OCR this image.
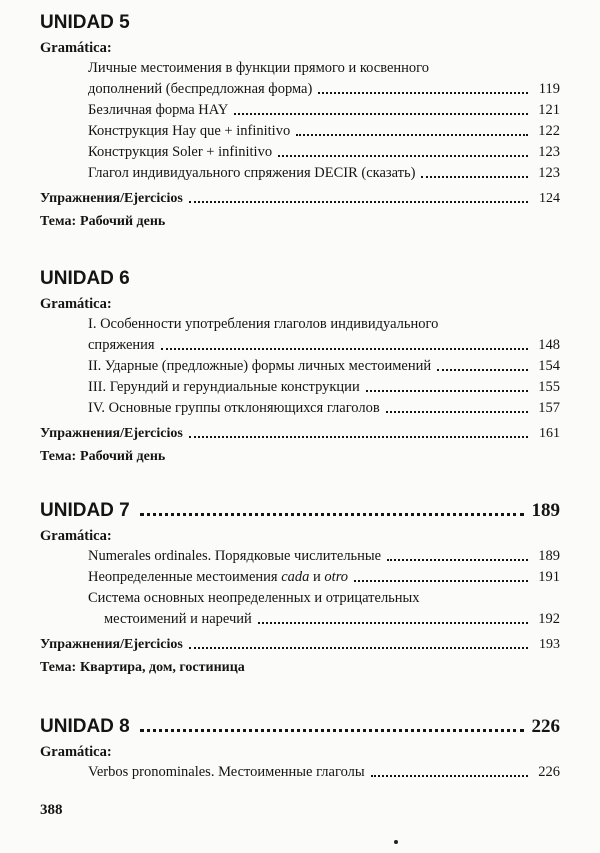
UNIDAD 5
Gramática:
Личные местоимения в функции прямого и косвенного
дополнений (беспредложная форма)	119
Безличная форма HAY	121
Конструкция Hay que + infinitivo	122
Конструкция Soler + infinitivo	123
Глагол индивидуального спряжения DECIR (сказать)	123
Упражнения/Ejercicios	124
Тема: Рабочий день
UNIDAD 6
Gramática:
I. Особенности употребления глаголов индивидуального
спряжения	148
II. Ударные (предложные) формы личных местоимений	154
III. Герундий и герундиальные конструкции	155
IV. Основные группы отклоняющихся глаголов	157
Упражнения/Ejercicios	161
Тема: Рабочий день
UNIDAD 7	189
Gramática:
Numerales ordinales. Порядковые числительные	189
Неопределенные местоимения cada и otro	191
Система основных неопределенных и отрицательных
местоимений и наречий	192
Упражнения/Ejercicios	193
Тема: Квартира, дом, гостиница
UNIDAD 8	226
Gramática:
Verbos pronominales. Местоименные глаголы	226
388
